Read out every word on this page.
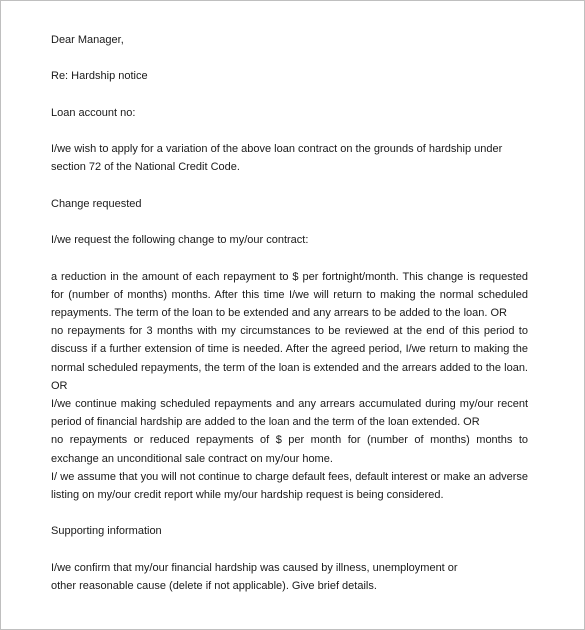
Dear Manager,

Re: Hardship notice

Loan account no:

I/we wish to apply for a variation of the above loan contract on the grounds of hardship under section 72 of the National Credit Code.

Change requested

I/we request the following change to my/our contract:

a reduction in the amount of each repayment to $ per fortnight/month. This change is requested for (number of months) months. After this time I/we will return to making the normal scheduled repayments. The term of the loan to be extended and any arrears to be added to the loan. OR

no repayments for 3 months with my circumstances to be reviewed at the end of this period to discuss if a further extension of time is needed. After the agreed period, I/we return to making the normal scheduled repayments, the term of the loan is extended and the arrears added to the loan. OR

I/we continue making scheduled repayments and any arrears accumulated during my/our recent period of financial hardship are added to the loan and the term of the loan extended. OR

no repayments or reduced repayments of $ per month for (number of months) months to exchange an unconditional sale contract on my/our home.

I/ we assume that you will not continue to charge default fees, default interest or make an adverse listing on my/our credit report while my/our hardship request is being considered.

Supporting information

I/we confirm that my/our financial hardship was caused by illness, unemployment or other reasonable cause (delete if not applicable). Give brief details.
